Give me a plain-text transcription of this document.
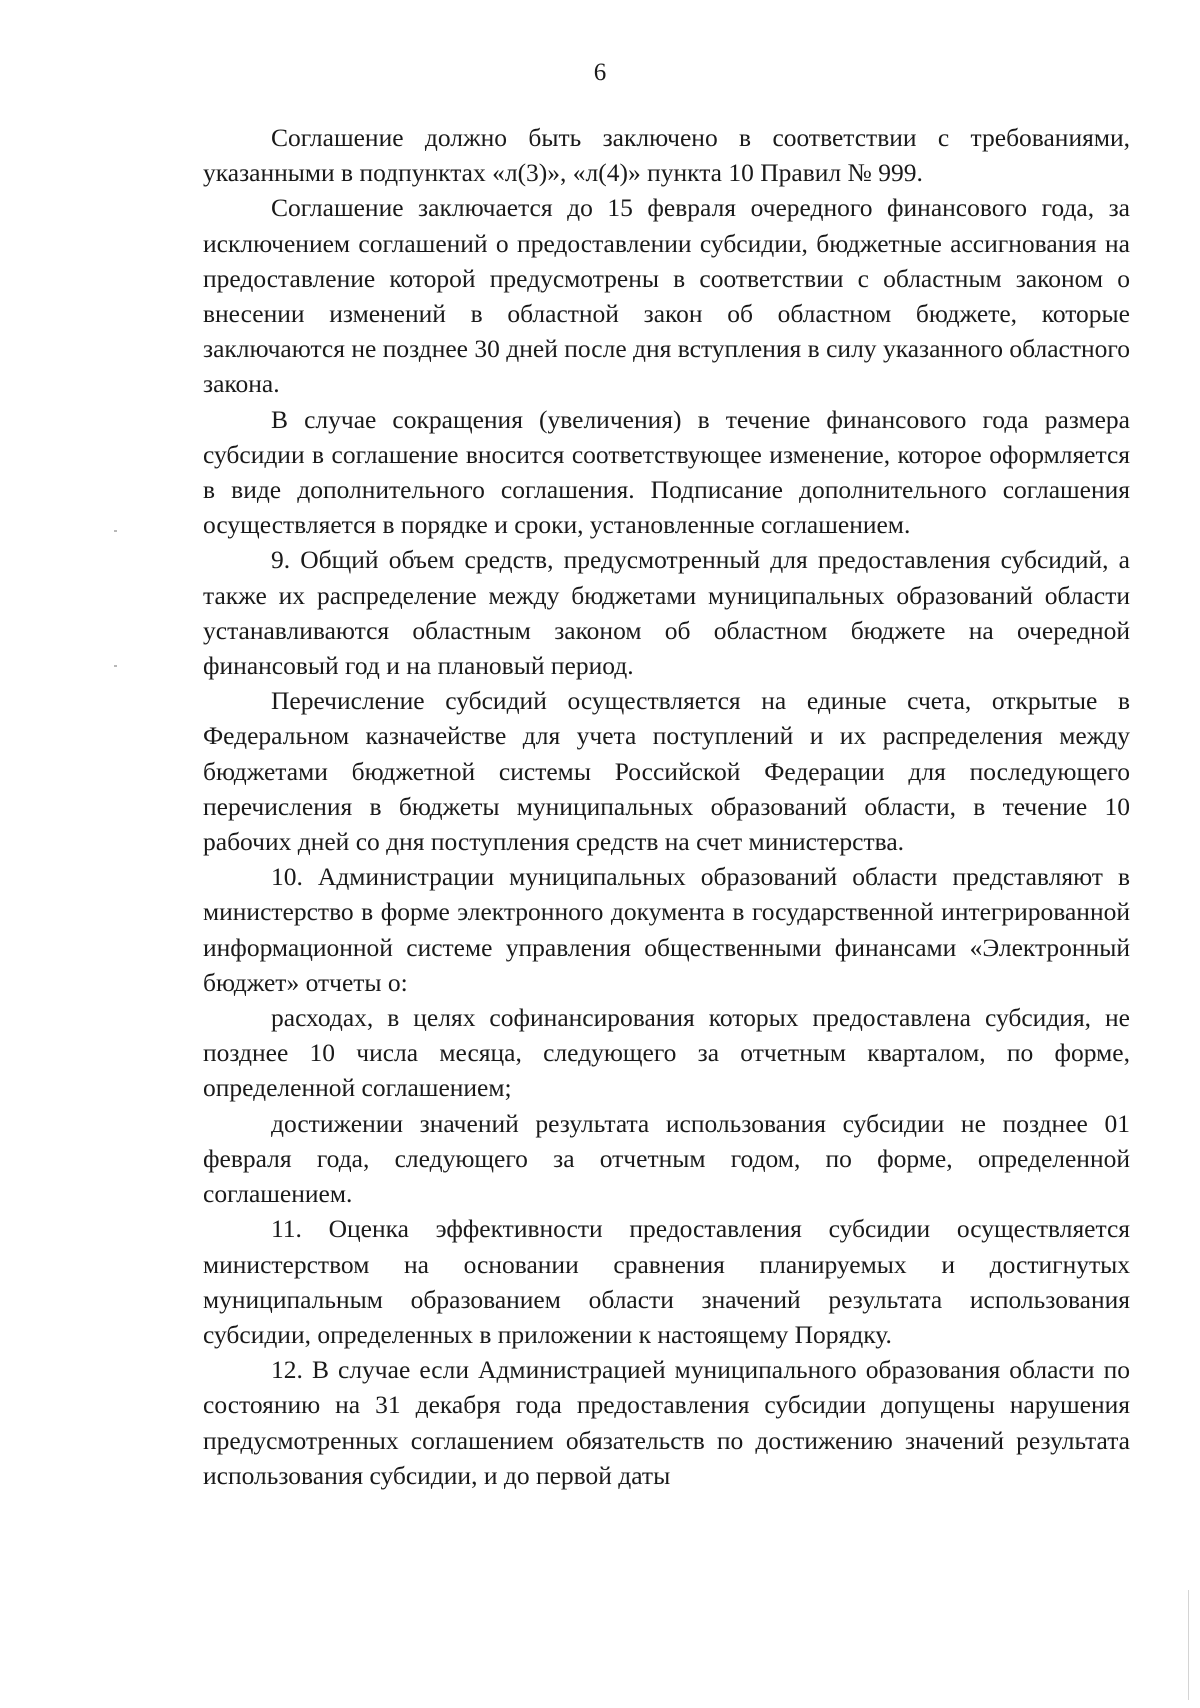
6

Соглашение должно быть заключено в соответствии с требованиями, указанными в подпунктах «л(3)», «л(4)» пункта 10 Правил № 999.

Соглашение заключается до 15 февраля очередного финансового года, за исключением соглашений о предоставлении субсидии, бюджетные ассигнования на предоставление которой предусмотрены в соответствии с областным законом о внесении изменений в областной закон об областном бюджете, которые заключаются не позднее 30 дней после дня вступления в силу указанного областного закона.

В случае сокращения (увеличения) в течение финансового года размера субсидии в соглашение вносится соответствующее изменение, которое оформляется в виде дополнительного соглашения. Подписание дополнительного соглашения осуществляется в порядке и сроки, установленные соглашением.

9. Общий объем средств, предусмотренный для предоставления субсидий, а также их распределение между бюджетами муниципальных образований области устанавливаются областным законом об областном бюджете на очередной финансовый год и на плановый период.

Перечисление субсидий осуществляется на единые счета, открытые в Федеральном казначействе для учета поступлений и их распределения между бюджетами бюджетной системы Российской Федерации для последующего перечисления в бюджеты муниципальных образований области, в течение 10 рабочих дней со дня поступления средств на счет министерства.

10. Администрации муниципальных образований области представляют в министерство в форме электронного документа в государственной интегрированной информационной системе управления общественными финансами «Электронный бюджет» отчеты о:

расходах, в целях софинансирования которых предоставлена субсидия, не позднее 10 числа месяца, следующего за отчетным кварталом, по форме, определенной соглашением;

достижении значений результата использования субсидии не позднее 01 февраля года, следующего за отчетным годом, по форме, определенной соглашением.

11. Оценка эффективности предоставления субсидии осуществляется министерством на основании сравнения планируемых и достигнутых муниципальным образованием области значений результата использования субсидии, определенных в приложении к настоящему Порядку.

12. В случае если Администрацией муниципального образования области по состоянию на 31 декабря года предоставления субсидии допущены нарушения предусмотренных соглашением обязательств по достижению значений результата использования субсидии, и до первой даты
